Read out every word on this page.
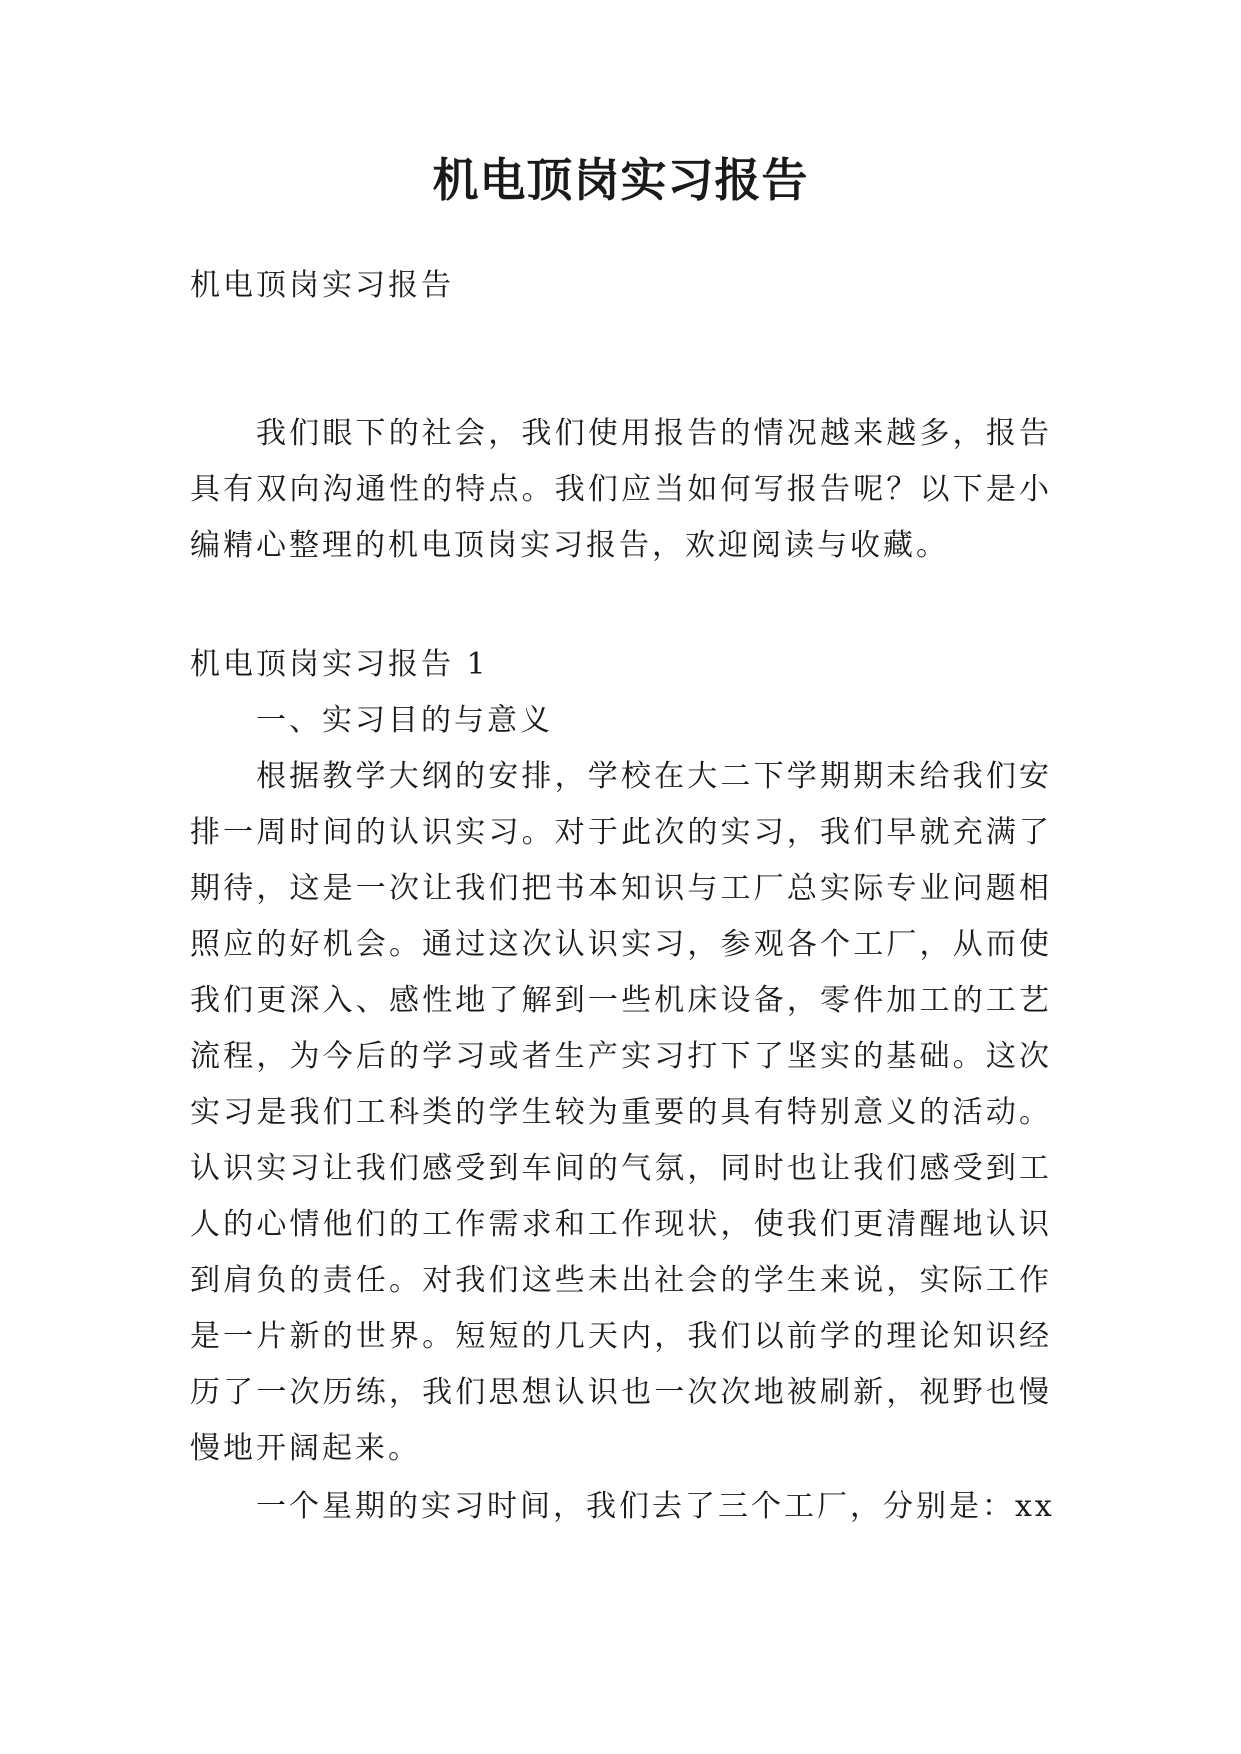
机电顶岗实习报告

机电顶岗实习报告

我们眼下的社会，我们使用报告的情况越来越多，报告具有双向沟通性的特点。我们应当如何写报告呢？以下是小编精心整理的机电顶岗实习报告，欢迎阅读与收藏。

机电顶岗实习报告 1

一、实习目的与意义

根据教学大纲的安排，学校在大二下学期期末给我们安排一周时间的认识实习。对于此次的实习，我们早就充满了期待，这是一次让我们把书本知识与工厂总实际专业问题相照应的好机会。通过这次认识实习，参观各个工厂，从而使我们更深入、感性地了解到一些机床设备，零件加工的工艺流程，为今后的学习或者生产实习打下了坚实的基础。这次实习是我们工科类的学生较为重要的具有特别意义的活动。认识实习让我们感受到车间的气氛，同时也让我们感受到工人的心情他们的工作需求和工作现状，使我们更清醒地认识到肩负的责任。对我们这些未出社会的学生来说，实际工作是一片新的世界。短短的几天内，我们以前学的理论知识经历了一次历练，我们思想认识也一次次地被刷新，视野也慢慢地开阔起来。

一个星期的实习时间，我们去了三个工厂，分别是：xx
